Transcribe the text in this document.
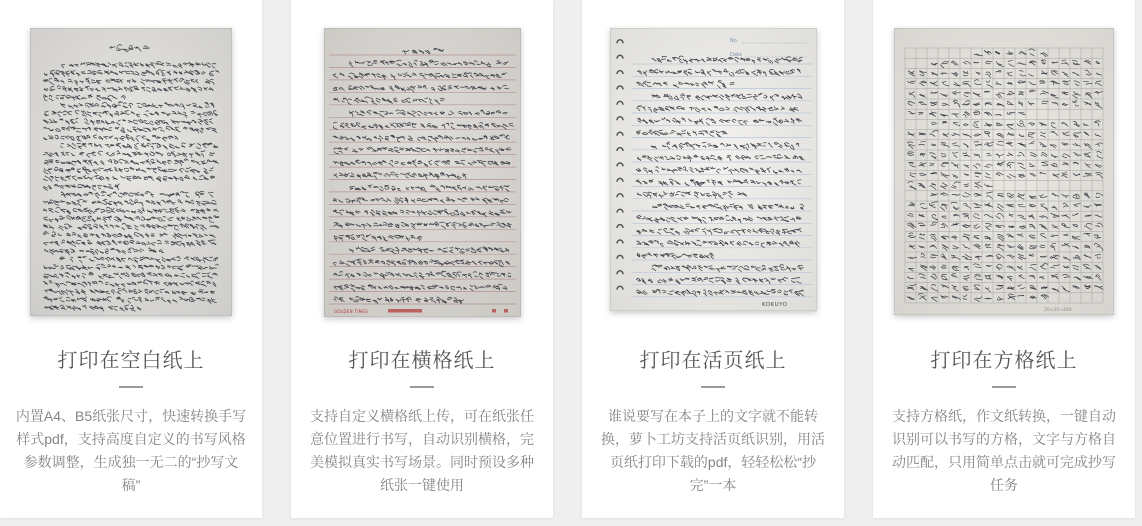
打印在空白纸上
内置A4、B5纸张尺寸，快速转换手写样式pdf，支持高度自定义的书写风格参数调整，生成独一无二的“抄写文稿”
GOLDEN TIMES
打印在横格纸上
支持自定义横格纸上传，可在纸张任意位置进行书写，自动识别横格，完美模拟真实书写场景。同时预设多种纸张一键使用
No.
Date
KOKUYO
打印在活页纸上
谁说要写在本子上的文字就不能转换，萝卜工坊支持活页纸识别，用活页纸打印下载的pdf，轻轻松松“抄完”一本
20×20=400
打印在方格纸上
支持方格纸，作文纸转换，一键自动识别可以书写的方格，文字与方格自动匹配，只用简单点击就可完成抄写任务
